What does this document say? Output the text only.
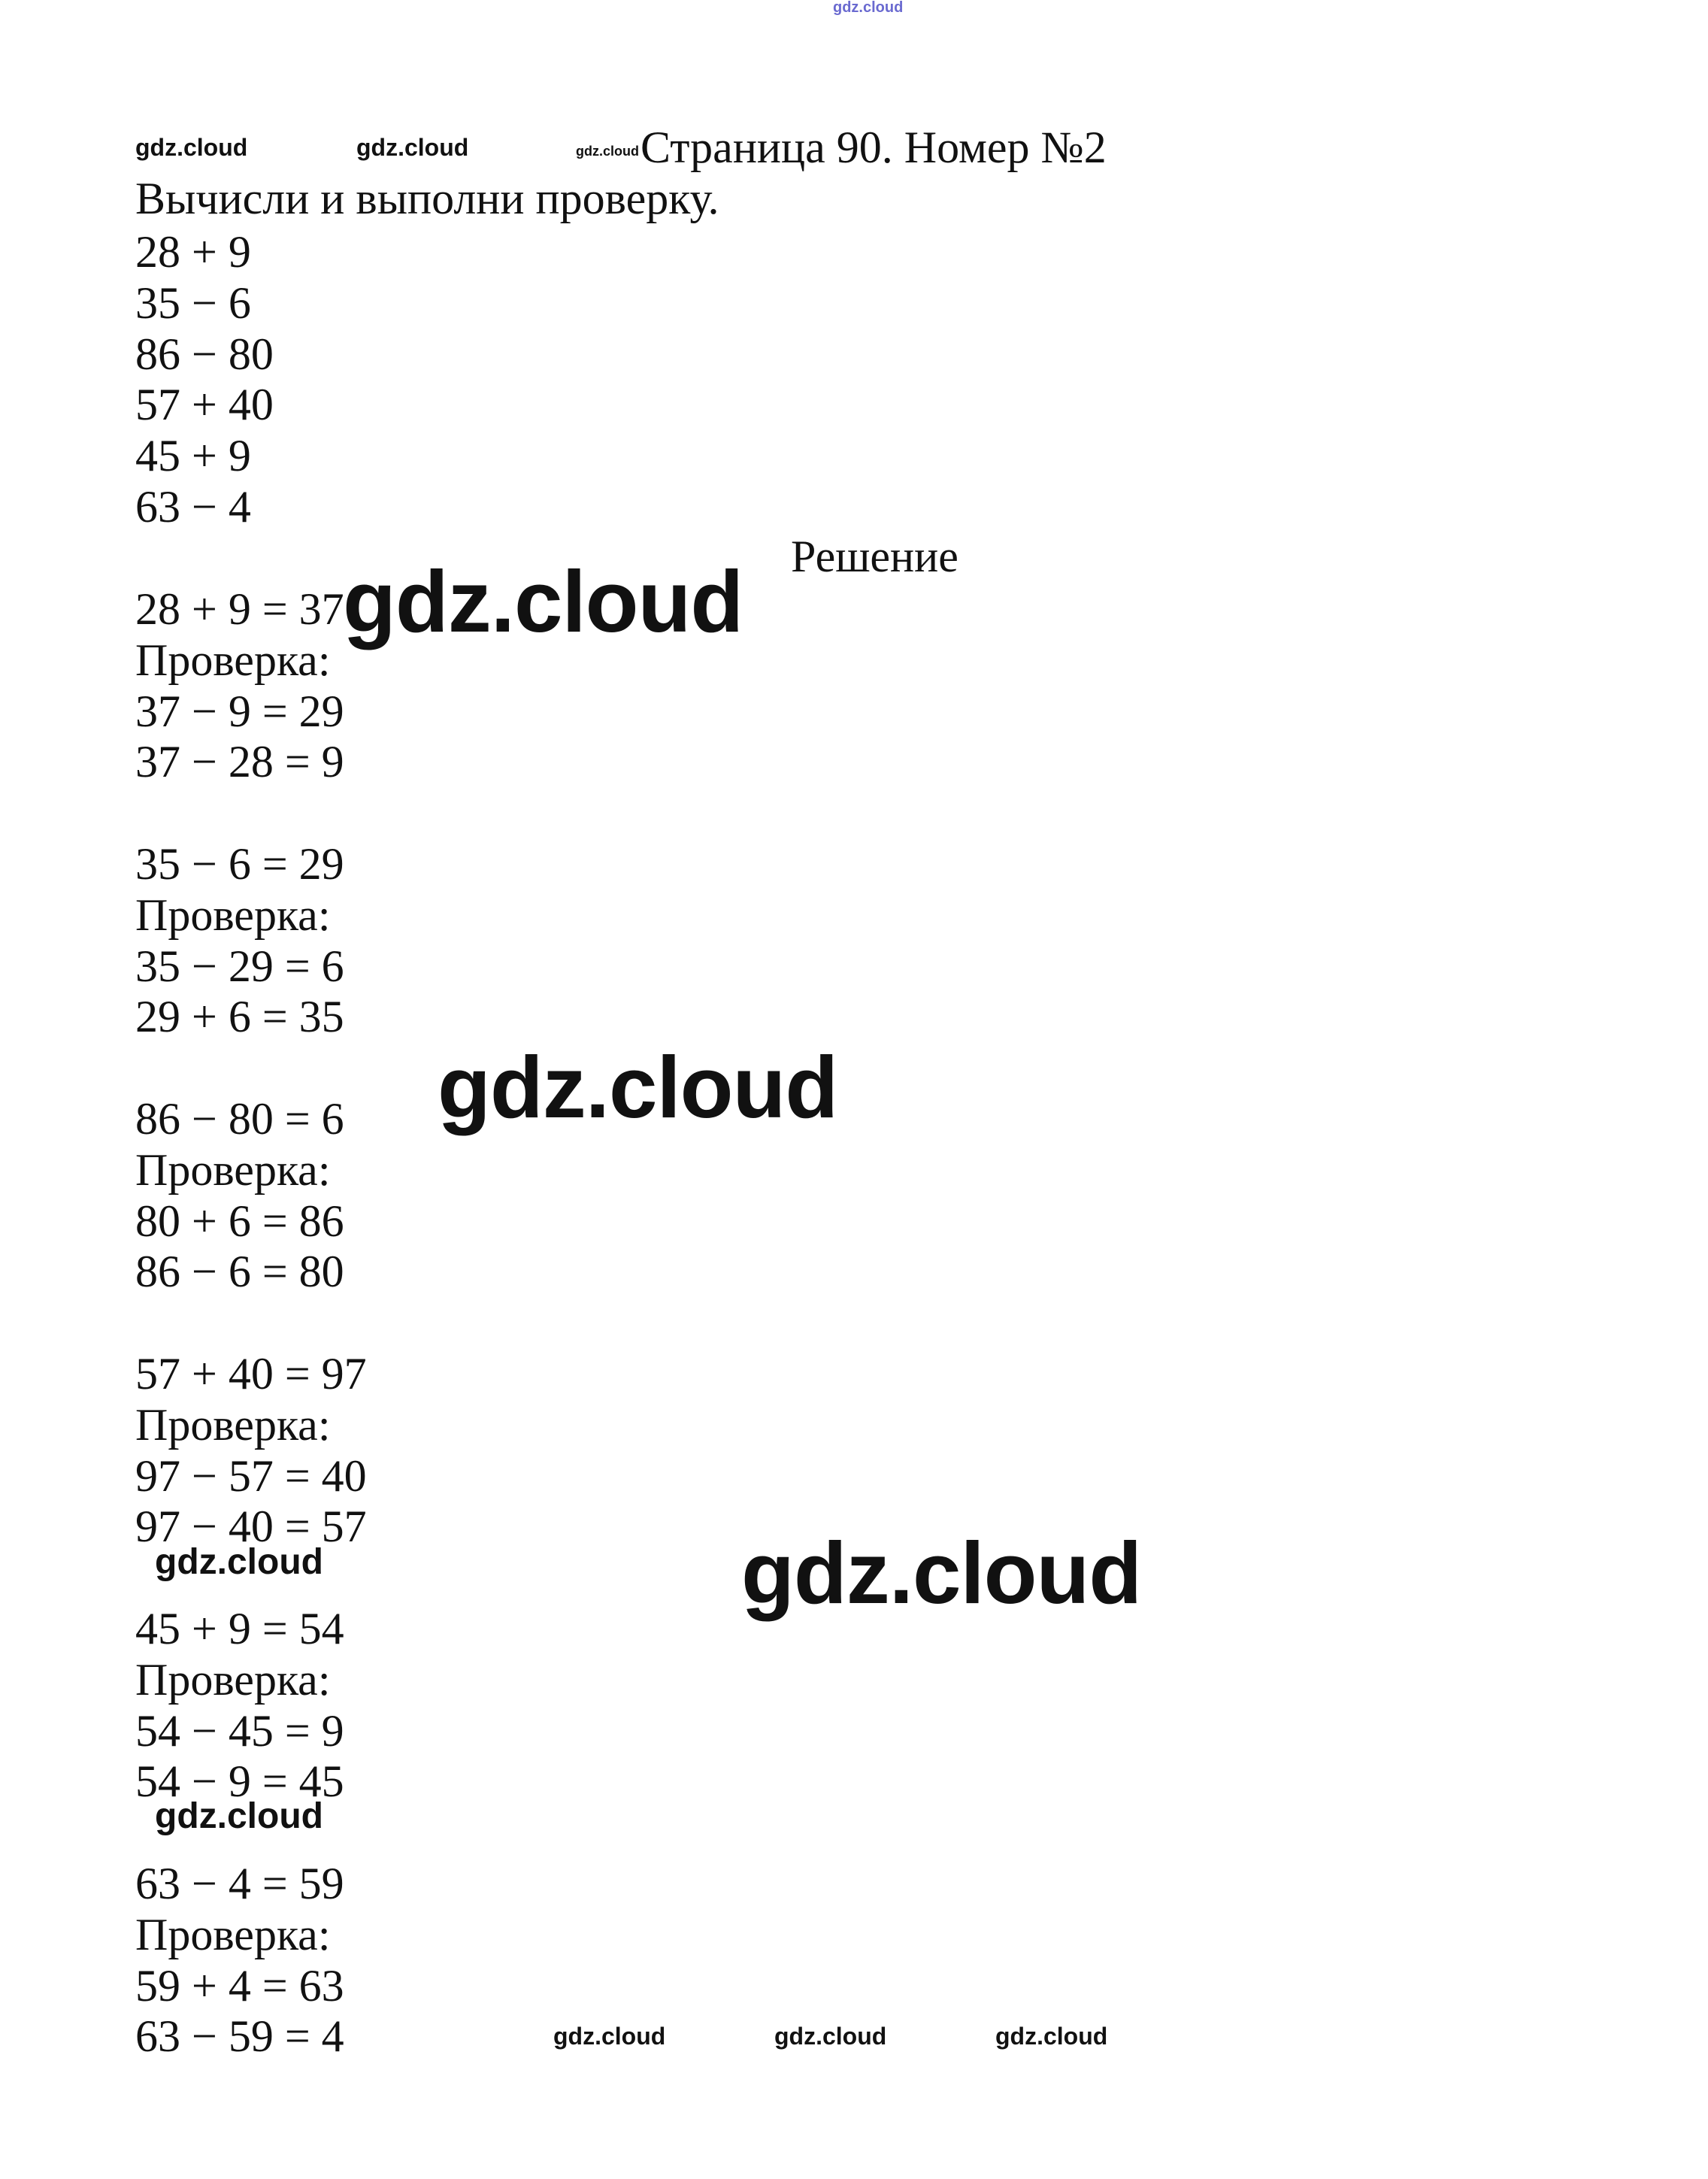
gdz.cloud
gdz.cloud	gdz.cloud	gdz.cloud Страница 90. Номер №2
Вычисли и выполни проверку.
28 + 9
35 − 6
86 − 80
57 + 40
45 + 9
63 − 4
Решение
28 + 9 = 37
Проверка:
37 − 9 = 29
37 − 28 = 9
35 − 6 = 29
Проверка:
35 − 29 = 6
29 + 6 = 35
86 − 80 = 6
Проверка:
80 + 6 = 86
86 − 6 = 80
57 + 40 = 97
Проверка:
97 − 57 = 40
97 − 40 = 57
45 + 9 = 54
Проверка:
54 − 45 = 9
54 − 9 = 45
63 − 4 = 59
Проверка:
59 + 4 = 63
63 − 59 = 4
gdz.cloud
gdz.cloud
gdz.cloud
gdz.cloud
gdz.cloud
gdz.cloud	gdz.cloud	gdz.cloud
